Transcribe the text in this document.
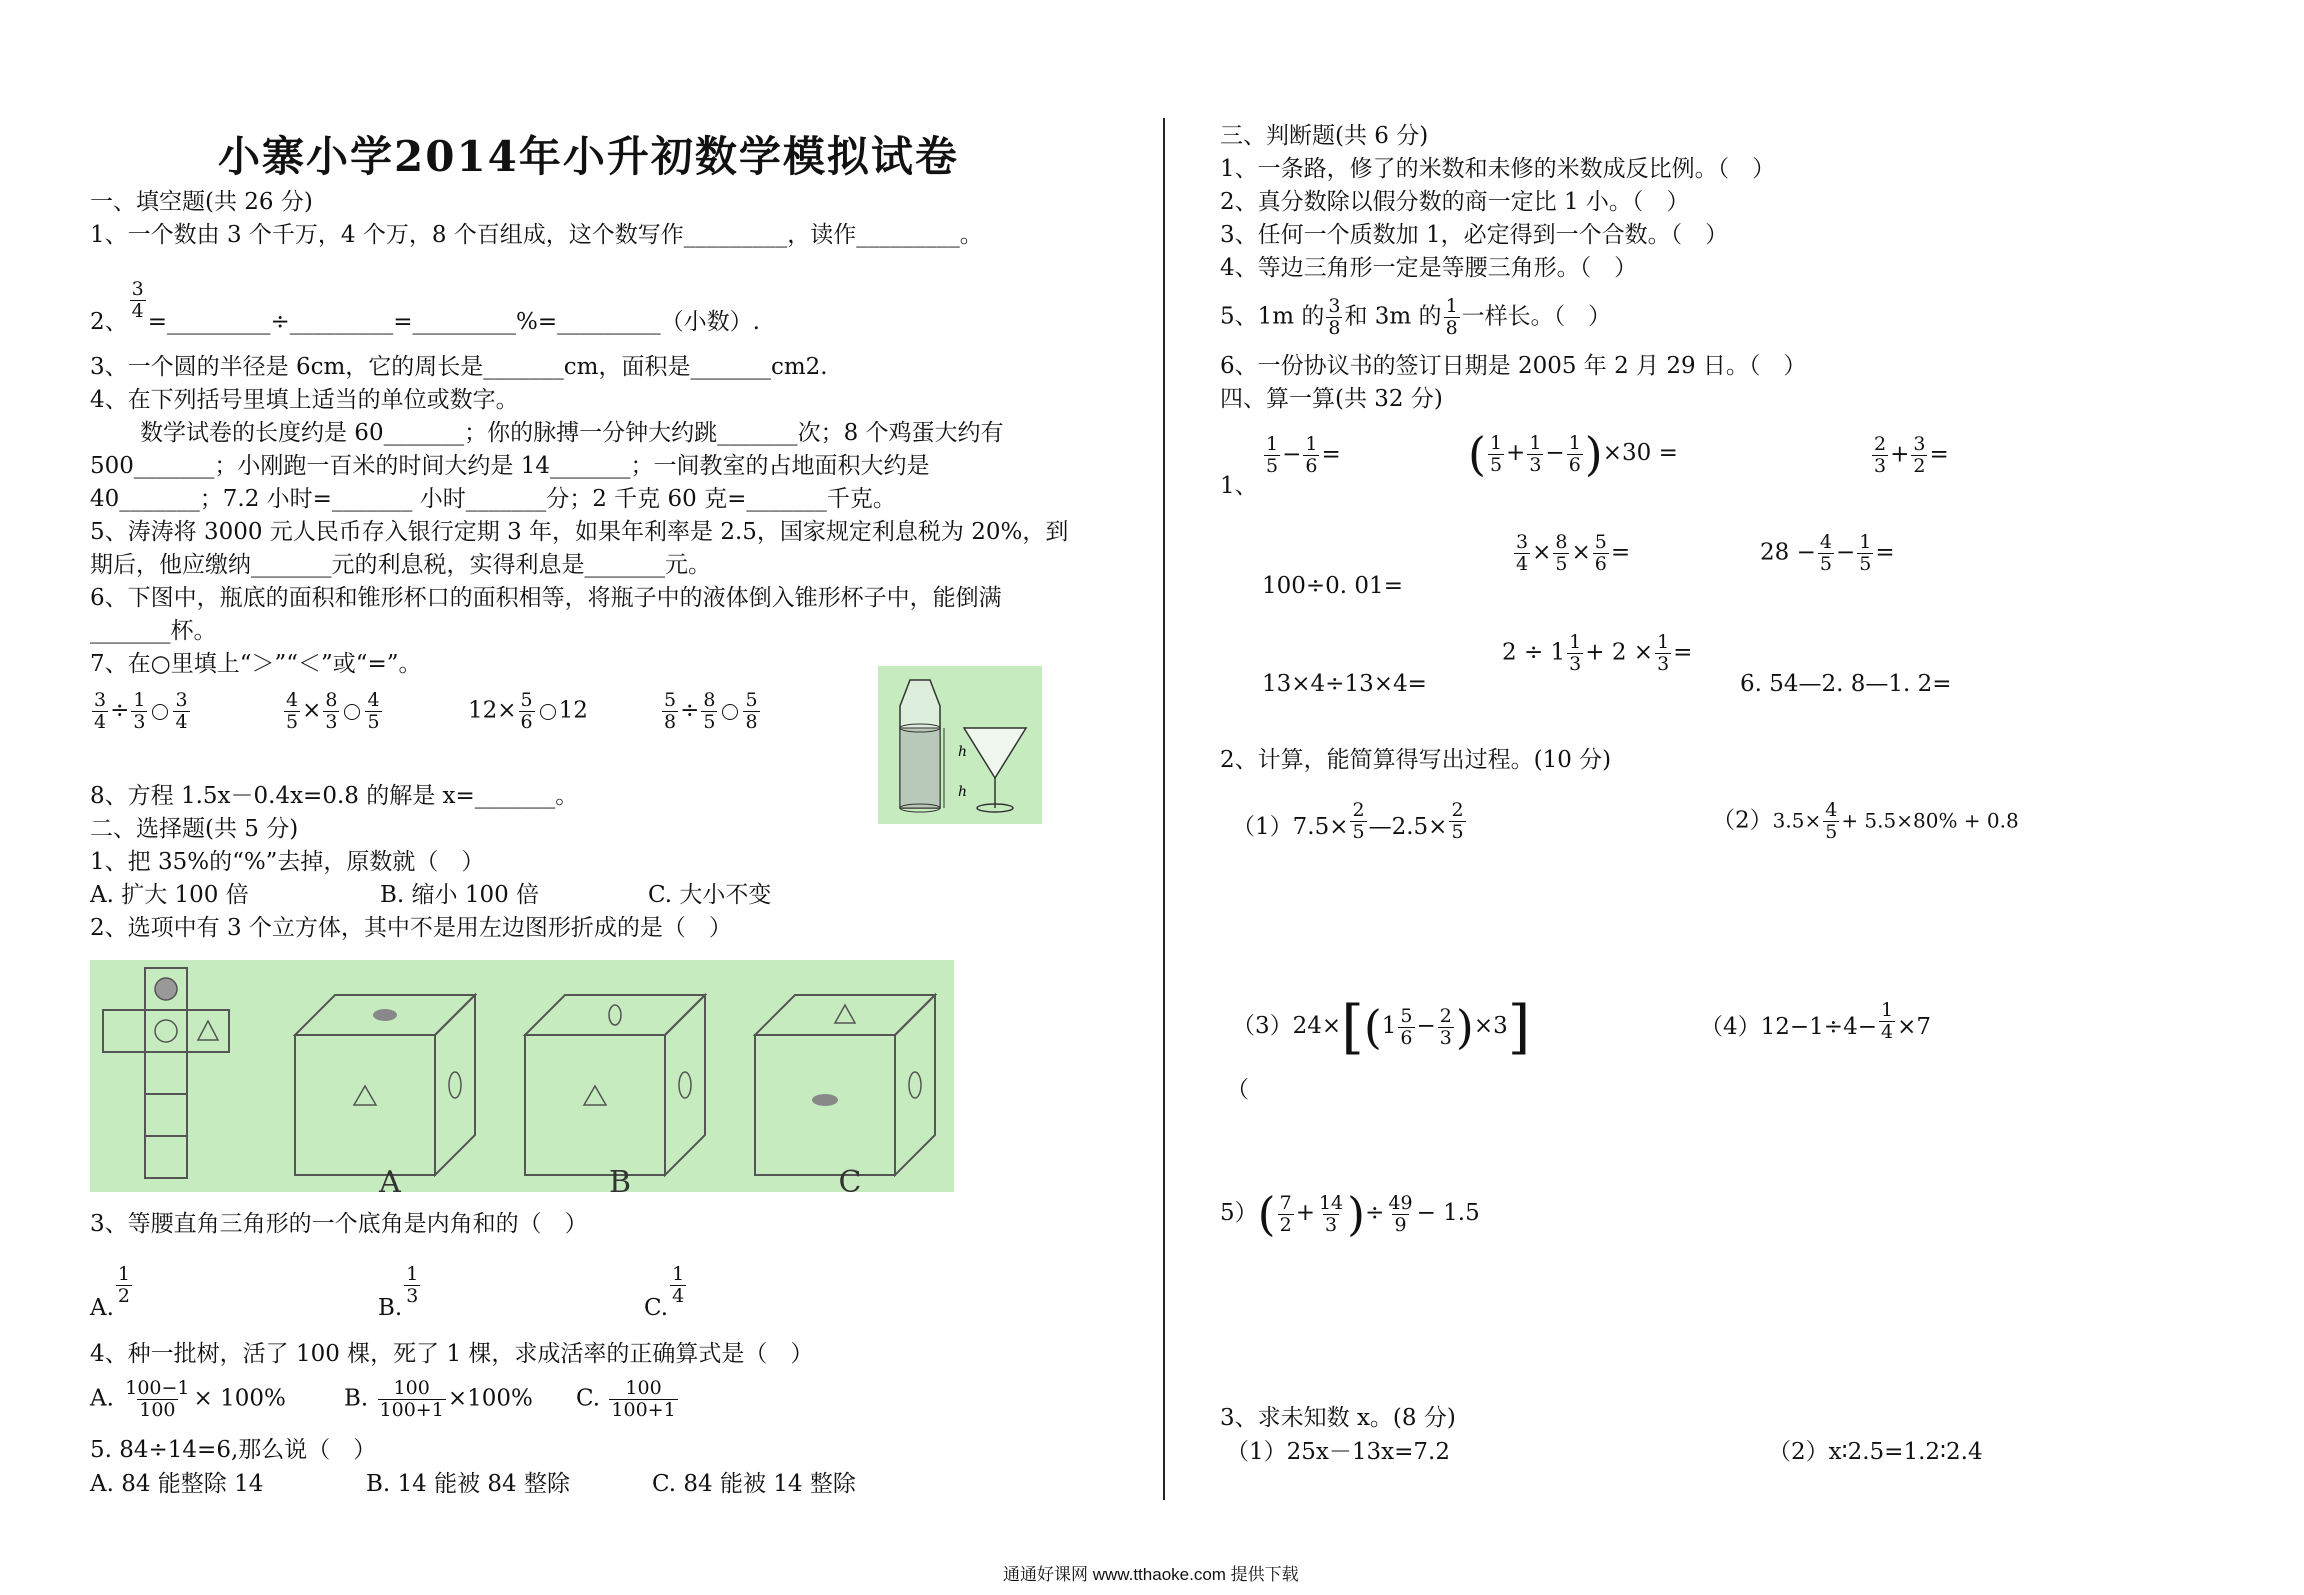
小寨小学2014年小升初数学模拟试卷
一、填空题(共 26 分)
1、一个数由 3 个千万，4 个万，8 个百组成，这个数写作_________，读作_________。
2、
$\frac{3}{4}$
=_________÷_________=_________%=_________（小数）.
3、一个圆的半径是 6cm，它的周长是_______cm，面积是_______cm2.
4、在下列括号里填上适当的单位或数字。
数学试卷的长度约是 60_______；你的脉搏一分钟大约跳_______次；8 个鸡蛋大约有
500_______；小刚跑一百米的时间大约是 14_______；一间教室的占地面积大约是
40_______；7.2 小时=_______ 小时_______分；2 千克 60 克=_______千克。
5、涛涛将 3000 元人民币存入银行定期 3 年，如果年利率是 2.5，国家规定利息税为 20%，到
期后，他应缴纳_______元的利息税，实得利息是_______元。
6、下图中，瓶底的面积和锥形杯口的面积相等，将瓶子中的液体倒入锥形杯子中，能倒满
_______杯。
7、在○里填上“＞”“＜”或“=”。
$\frac{3}{4} \div \frac{1}{3} \frac{3}{4}$	$\frac{4}{5} \times \frac{8}{3} \frac{4}{5}$	$12\times \frac{5}{6} 12$	$\frac{5}{8} \div \frac{8}{5} \frac{5}{8}$
h
h
8、方程 1.5x－0.4x=0.8 的解是 x=_______。
二、选择题(共 5 分)
1、把 35%的“%”去掉，原数就（　）
A. 扩大 100 倍	B. 缩小 100 倍	C. 大小不变
2、选项中有 3 个立方体，其中不是用左边图形折成的是（　）
A	B	C
3、等腰直角三角形的一个底角是内角和的（　）
A.
$\frac{1}{2}$
B.
$\frac{1}{3}$
C.
$\frac{1}{4}$
4、种一批树，活了 100 棵，死了 1 棵，求成活率的正确算式是（　）
A. $\frac{100-1}{100} \times 100\%$	B. $\frac{100}{100+1} \times 100\%$ C. $\frac{100}{100+1}$
5. 84÷14=6,那么说（　）
A. 84 能整除 14	B. 14 能被 84 整除	C. 84 能被 14 整除
三、判断题(共 6 分)
1、一条路，修了的米数和未修的米数成反比例。（　）
2、真分数除以假分数的商一定比 1 小。（　）
3、任何一个质数加 1，必定得到一个合数。（　）
4、等边三角形一定是等腰三角形。（　）
5、1m 的 $\frac{3}{8}$ 和 3m 的 $\frac{1}{8}$ 一样长。（　）
6、一份协议书的签订日期是 2005 年 2 月 29 日。（　）
四、算一算(共 32 分)
1、
$\frac{1}{5} - \frac{1}{6}$ =	( $\frac{1}{5} + \frac{1}{3} - \frac{1}{6} )\times 30$ =	$\frac{2}{3} + \frac{3}{2}$ =
100÷0. 01=
$\frac{3}{4} \times \frac{8}{5} \times \frac{5}{6}$ =	$28 - \frac{4}{5} - \frac{1}{5}$ =
13×4÷13×4=
$2 \div 1 \frac{1}{3} + 2 \times \frac{1}{3}$ =
6. 54—2. 8—1. 2=
2、计算，能简算得写出过程。(10 分)
$(1)7.5\times \frac{2}{5}$ —2.5× $\frac{2}{5}$	$(2)3.5\times \frac{4}{5} + 5.5\times 80\% + 0.8$
$(3)24\times[(1 \frac{5}{6} - \frac{2}{3} )\times 3]$
（
$(4)12-1\div 4- \frac{1}{4} \times 7$
$5)( \frac{7}{2} + \frac{14}{3}$ )÷ $\frac{49}{9} - 1.5$
3、求未知数 x。(8 分)
（1）25x－13x=7.2	（2）x∶2.5=1.2∶2.4
通通好课网 www.tthaoke.com 提供下载
